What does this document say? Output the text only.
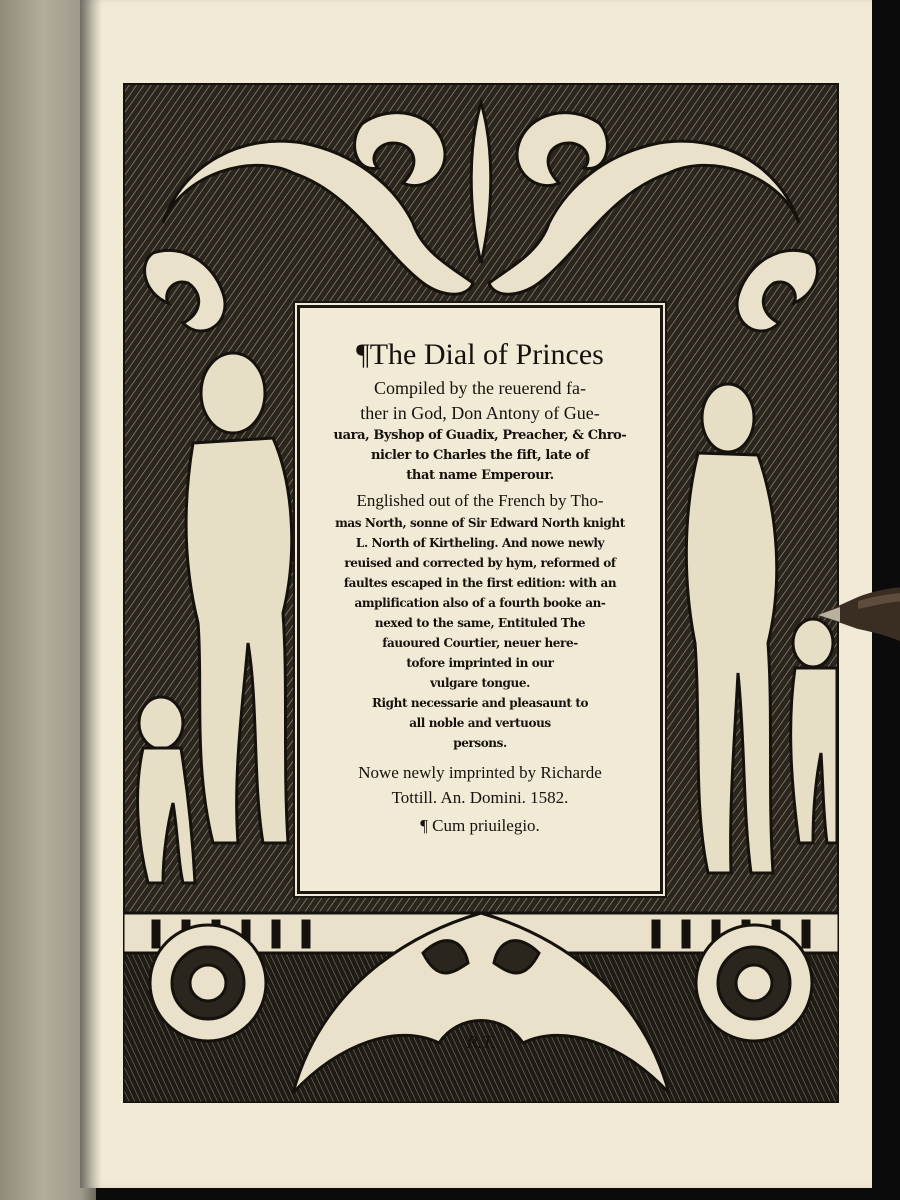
R.T.
¶The Dial of Princes
Compiled by the reuerend fa-
ther in God, Don Antony of Gue-
uara, Byshop of Guadix, Preacher, & Chro-
nicler to Charles the fift, late of
that name Emperour.
Englished out of the French by Tho-
mas North, sonne of Sir Edward North knight
L. North of Kirtheling. And nowe newly
reuised and corrected by hym, reformed of
faultes escaped in the first edition: with an
amplification also of a fourth booke an-
nexed to the same, Entituled The
fauoured Courtier, neuer here-
tofore imprinted in our
vulgare tongue.
Right necessarie and pleasaunt to
all noble and vertuous
persons.
Nowe newly imprinted by Richarde
Tottill. An. Domini. 1582.
¶ Cum priuilegio.
